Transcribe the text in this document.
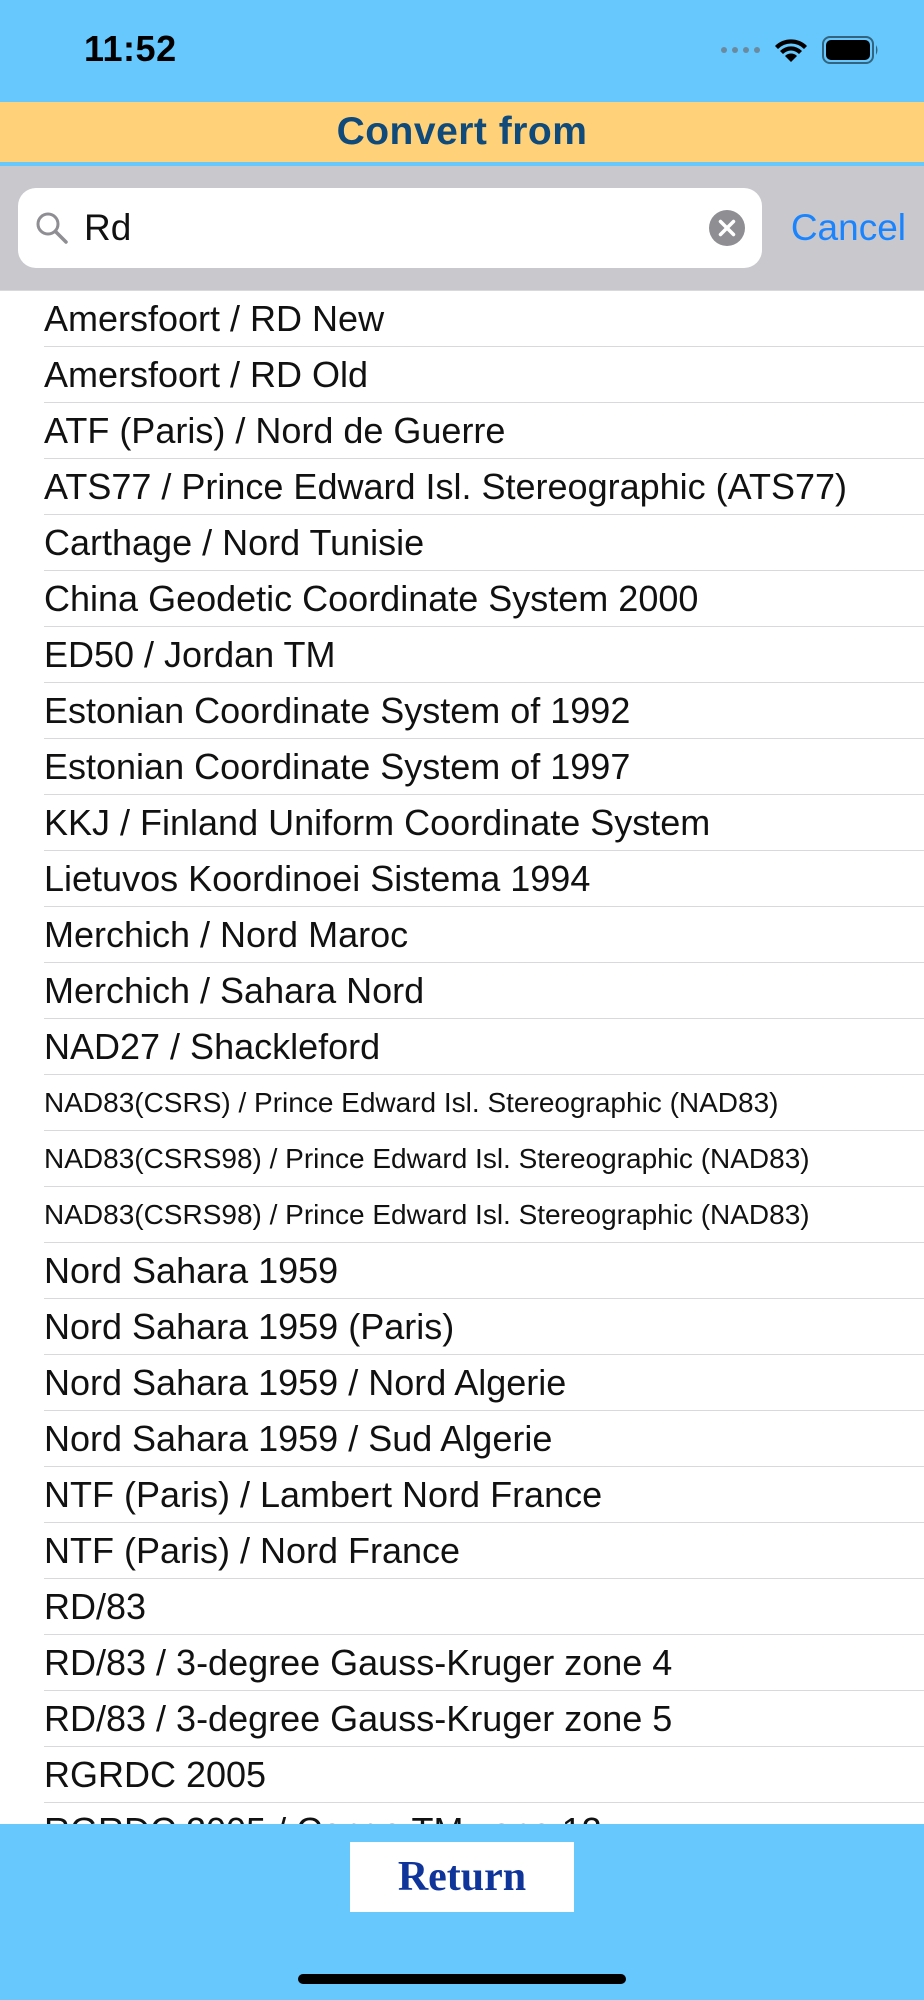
11:52
Convert from
Rd
Cancel
Amersfoort / RD New
Amersfoort / RD Old
ATF (Paris) / Nord de Guerre
ATS77 / Prince Edward Isl. Stereographic (ATS77)
Carthage / Nord Tunisie
China Geodetic Coordinate System 2000
ED50 / Jordan TM
Estonian Coordinate System of 1992
Estonian Coordinate System of 1997
KKJ / Finland Uniform Coordinate System
Lietuvos Koordinoei Sistema 1994
Merchich / Nord Maroc
Merchich / Sahara Nord
NAD27 / Shackleford
NAD83(CSRS) / Prince Edward Isl. Stereographic (NAD83)
NAD83(CSRS98) / Prince Edward Isl. Stereographic (NAD83)
NAD83(CSRS98) / Prince Edward Isl. Stereographic (NAD83)
Nord Sahara 1959
Nord Sahara 1959 (Paris)
Nord Sahara 1959 / Nord Algerie
Nord Sahara 1959 / Sud Algerie
NTF (Paris) / Lambert Nord France
NTF (Paris) / Nord France
RD/83
RD/83 / 3-degree Gauss-Kruger zone 4
RD/83 / 3-degree Gauss-Kruger zone 5
RGRDC 2005
Return
